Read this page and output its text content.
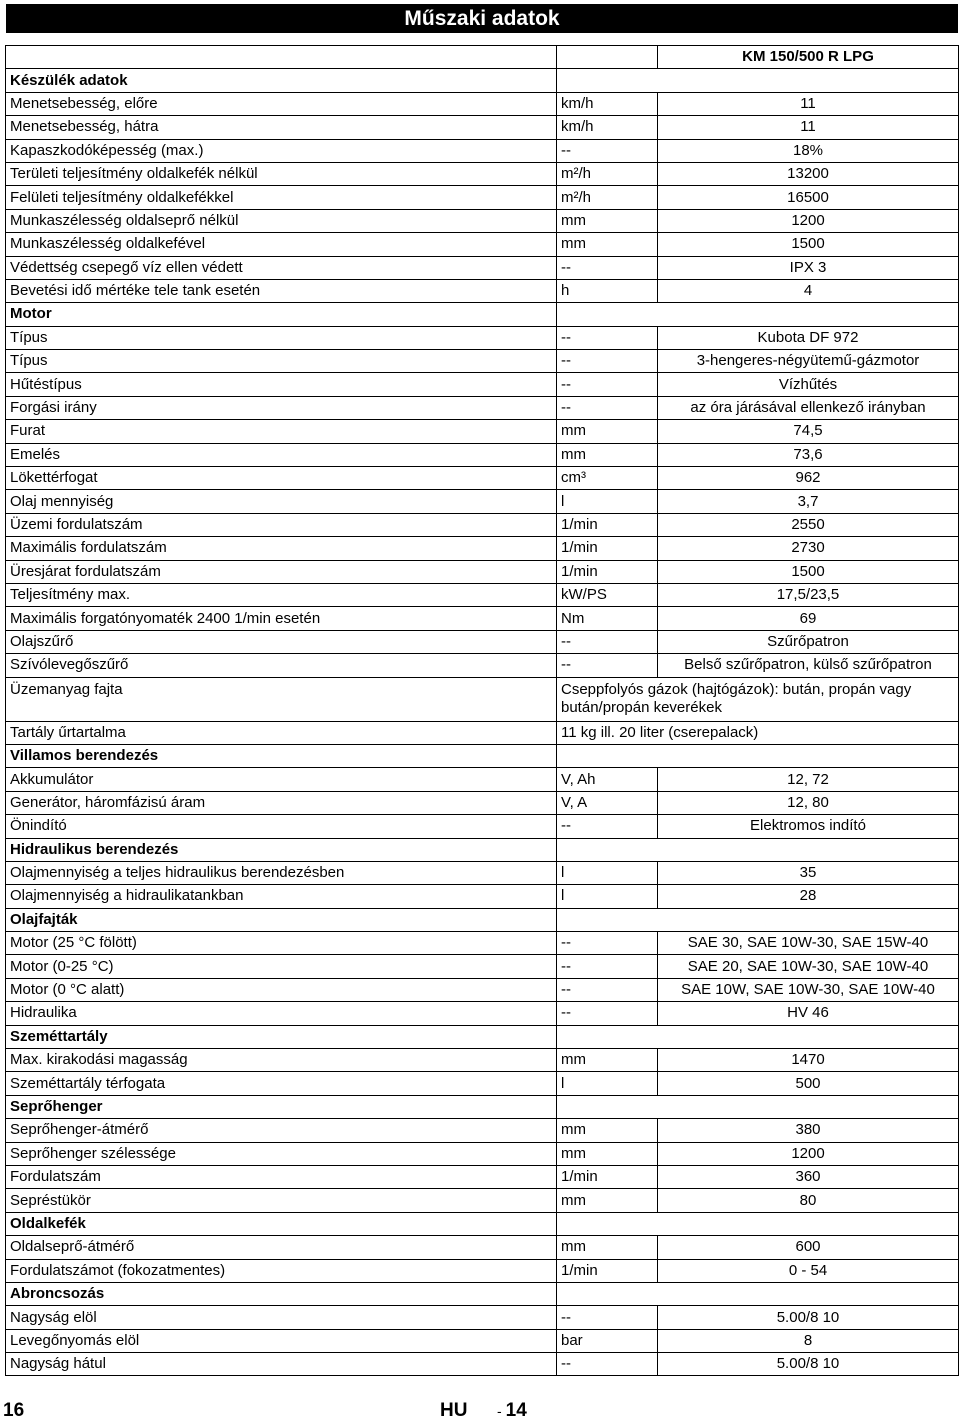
Műszaki adatok
		KM 150/500 R LPG
Készülék adatok		
Menetsebesség, előre	km/h	11
Menetsebesség, hátra	km/h	11
Kapaszkodóképesség (max.)	--	18%
Területi teljesítmény oldalkefék nélkül	m²/h	13200
Felületi teljesítmény oldalkefékkel	m²/h	16500
Munkaszélesség oldalseprő nélkül	mm	1200
Munkaszélesség oldalkefével	mm	1500
Védettség csepegő víz ellen védett	--	IPX 3
Bevetési idő mértéke tele tank esetén	h	4
Motor		
Típus	--	Kubota DF 972
Típus	--	3-hengeres-négyütemű-gázmotor
Hűtéstípus	--	Vízhűtés
Forgási irány	--	az óra járásával ellenkező irányban
Furat	mm	74,5
Emelés	mm	73,6
Lökettérfogat	cm³	962
Olaj mennyiség	l	3,7
Üzemi fordulatszám	1/min	2550
Maximális fordulatszám	1/min	2730
Üresjárat fordulatszám	1/min	1500
Teljesítmény max.	kW/PS	17,5/23,5
Maximális forgatónyomaték 2400 1/min esetén	Nm	69
Olajszűrő	--	Szűrőpatron
Szívólevegőszűrő	--	Belső szűrőpatron, külső szűrőpatron
Üzemanyag fajta	Cseppfolyós gázok (hajtógázok): bután, propán vagy bután/propán keverékek	
Tartály űrtartalma	11 kg ill. 20 liter (cserepalack)	
Villamos berendezés		
Akkumulátor	V, Ah	12, 72
Generátor, háromfázisú áram	V, A	12, 80
Önindító	--	Elektromos indító
Hidraulikus berendezés		
Olajmennyiség a teljes hidraulikus berendezésben	l	35
Olajmennyiség a hidraulikatankban	l	28
Olajfajták		
Motor (25 °C fölött)	--	SAE 30, SAE 10W-30, SAE 15W-40
Motor (0-25 °C)	--	SAE 20, SAE 10W-30, SAE 10W-40
Motor (0 °C alatt)	--	SAE 10W, SAE 10W-30, SAE 10W-40
Hidraulika	--	HV 46
Szeméttartály		
Max. kirakodási magasság	mm	1470
Szeméttartály térfogata	l	500
Seprőhenger		
Seprőhenger-átmérő	mm	380
Seprőhenger szélessége	mm	1200
Fordulatszám	1/min	360
Sepréstükör	mm	80
Oldalkefék		
Oldalseprő-átmérő	mm	600
Fordulatszámot (fokozatmentes)	1/min	0 - 54
Abroncsozás		
Nagyság elöl	--	5.00/8 10
Levegőnyomás elöl	bar	8
Nagyság hátul	--	5.00/8 10
16	HU - 14
